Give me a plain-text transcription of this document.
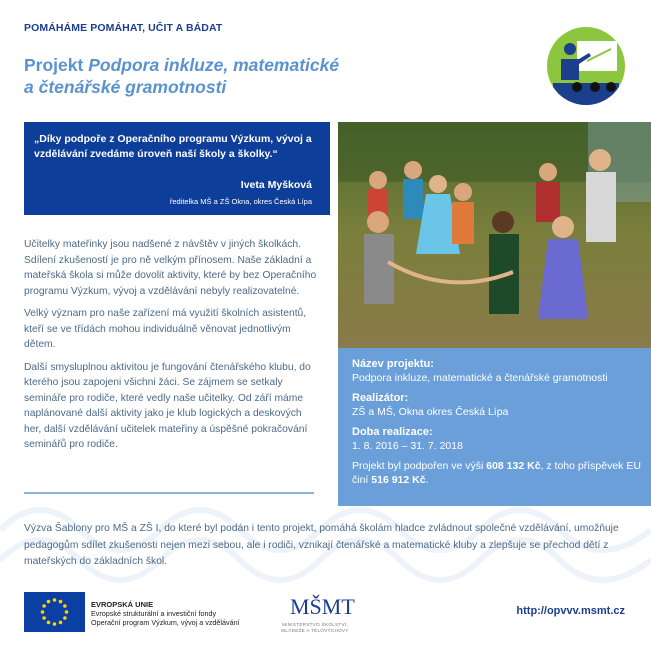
POMÁHÁME POMÁHAT, UČIT A BÁDAT
Projekt Podpora inkluze, matematické
a čtenářské gramotnosti
„Díky podpoře z Operačního programu Výzkum, vývoj a vzdělávání zvedáme úroveň naší školy a školky.“
Iveta Myšková
ředitelka MŠ a ZŠ Okna, okres Česká Lípa

Učitelky mateřinky jsou nadšené z návštěv v jiných školkách. Sdílení zkušeností je pro ně velkým přínosem. Naše základní a mateřská škola si může dovolit aktivity, které by bez Operačního programu Výzkum, vývoj a vzdělávání nebyly realizovatelné.

Velký význam pro naše zařízení má využití školních asistentů, kteří se ve třídách mohou individuálně věnovat jednotlivým dětem.

Další smysluplnou aktivitou je fungování čtenářského klubu, do kterého jsou zapojeni všichni žáci. Se zájmem se setkaly semináře pro rodiče, které vedly naše učitelky. Od září máme naplánované další aktivity jako je klub logických a deskových her, další vzdělávání učitelek mateřiny a úspěšné pokračování seminářů pro rodiče.

Název projektu:
Podpora inkluze, matematické a čtenářské gramotnosti
Realizátor:
ZŠ a MŠ, Okna okres Česká Lípa
Doba realizace:
1. 8. 2016 – 31. 7. 2018
Projekt byl podpořen ve výši 608 132 Kč, z toho příspěvek EU činí 516 912 Kč.
Výzva Šablony pro MŠ a ZŠ I, do které byl podán i tento projekt, pomáhá školám hladce zvládnout společné vzdělávání, umožňuje pedagogům sdílet zkušenosti nejen mezi sebou, ale i rodiči, vznikají čtenářské a matematické kluby a zlepšuje se přechod dětí z mateřských do základních škol.
EVROPSKÁ UNIE
Evropské strukturální a investiční fondy
Operační program Výzkum, vývoj a vzdělávání
MŠMT
MINISTERSTVO ŠKOLSTVÍ,
MLÁDEŽE A TĚLOVÝCHOVY
http://opvvv.msmt.cz
